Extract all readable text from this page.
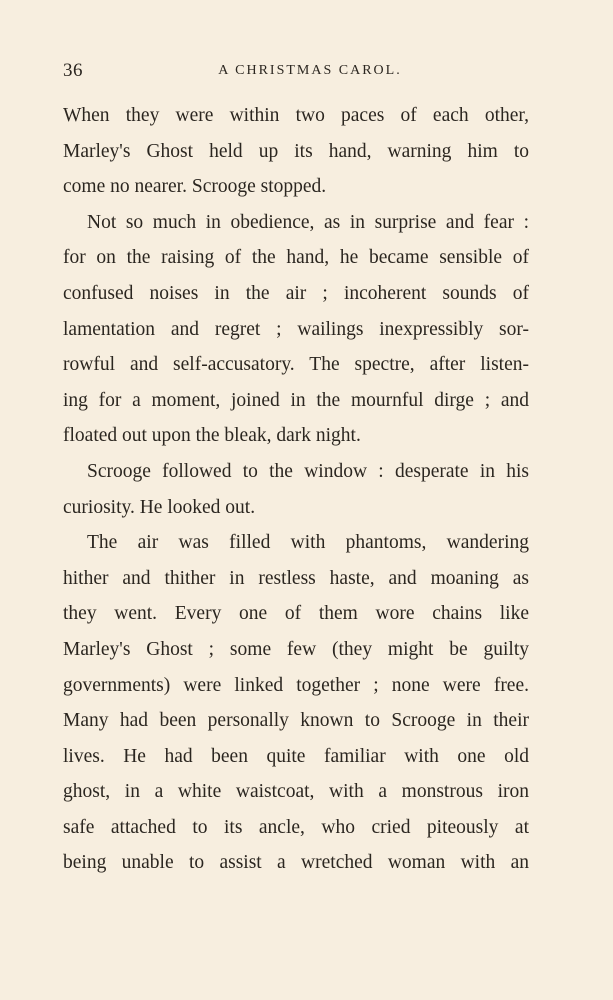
36	A CHRISTMAS CAROL.
When they were within two paces of each other,
Marley's Ghost held up its hand, warning him to
come no nearer. Scrooge stopped.
Not so much in obedience, as in surprise and fear :
for on the raising of the hand, he became sensible of
confused noises in the air ; incoherent sounds of
lamentation and regret ; wailings inexpressibly sor-
rowful and self-accusatory. The spectre, after listen-
ing for a moment, joined in the mournful dirge ; and
floated out upon the bleak, dark night.
Scrooge followed to the window : desperate in his
curiosity. He looked out.
The air was filled with phantoms, wandering
hither and thither in restless haste, and moaning as
they went. Every one of them wore chains like
Marley's Ghost ; some few (they might be guilty
governments) were linked together ; none were free.
Many had been personally known to Scrooge in their
lives. He had been quite familiar with one old
ghost, in a white waistcoat, with a monstrous iron
safe attached to its ancle, who cried piteously at
being unable to assist a wretched woman with an
